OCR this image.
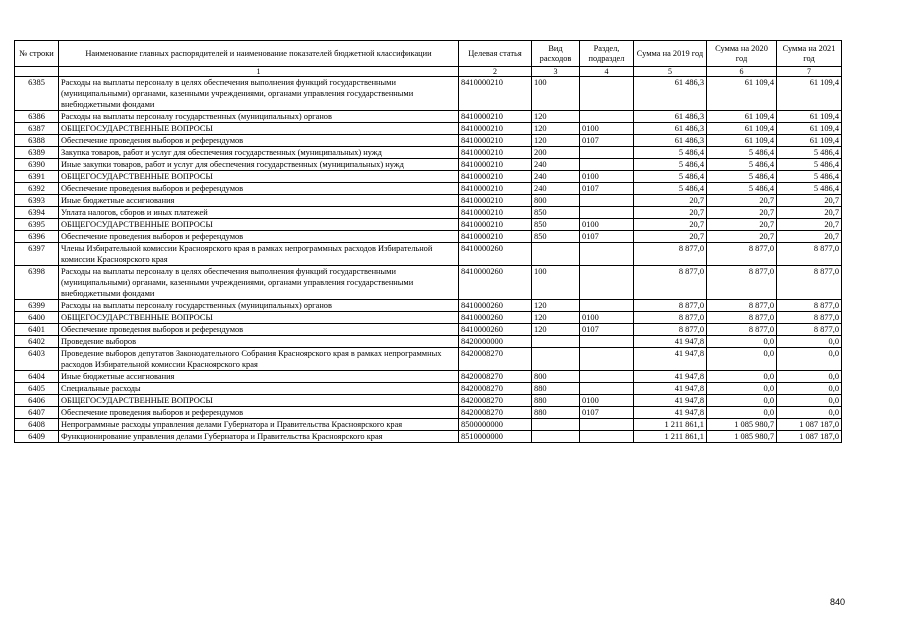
№ строки	Наименование главных распорядителей и наименование показателей бюджетной классификации	Целевая статья	Вид расходов	Раздел, подраздел	Сумма на 2019 год	Сумма на 2020 год	Сумма на 2021 год
	1	2	3	4	5	6	7
6385	Расходы на выплаты персоналу в целях обеспечения выполнения функций государственными (муниципальными) органами, казенными учреждениями, органами управления государственными внебюджетными фондами	8410000210	100		61 486,3	61 109,4	61 109,4
6386	Расходы на выплаты персоналу государственных (муниципальных) органов	8410000210	120		61 486,3	61 109,4	61 109,4
6387	ОБЩЕГОСУДАРСТВЕННЫЕ ВОПРОСЫ	8410000210	120	0100	61 486,3	61 109,4	61 109,4
6388	Обеспечение проведения выборов и референдумов	8410000210	120	0107	61 486,3	61 109,4	61 109,4
6389	Закупка товаров, работ и услуг для обеспечения государственных (муниципальных) нужд	8410000210	200		5 486,4	5 486,4	5 486,4
6390	Иные закупки товаров, работ и услуг для обеспечения государственных (муниципальных) нужд	8410000210	240		5 486,4	5 486,4	5 486,4
6391	ОБЩЕГОСУДАРСТВЕННЫЕ ВОПРОСЫ	8410000210	240	0100	5 486,4	5 486,4	5 486,4
6392	Обеспечение проведения выборов и референдумов	8410000210	240	0107	5 486,4	5 486,4	5 486,4
6393	Иные бюджетные ассигнования	8410000210	800		20,7	20,7	20,7
6394	Уплата налогов, сборов и иных платежей	8410000210	850		20,7	20,7	20,7
6395	ОБЩЕГОСУДАРСТВЕННЫЕ ВОПРОСЫ	8410000210	850	0100	20,7	20,7	20,7
6396	Обеспечение проведения выборов и референдумов	8410000210	850	0107	20,7	20,7	20,7
6397	Члены Избирательной комиссии Красноярского края в рамках непрограммных расходов Избирательной комиссии Красноярского края	8410000260			8 877,0	8 877,0	8 877,0
6398	Расходы на выплаты персоналу в целях обеспечения выполнения функций государственными (муниципальными) органами, казенными учреждениями, органами управления государственными внебюджетными фондами	8410000260	100		8 877,0	8 877,0	8 877,0
6399	Расходы на выплаты персоналу государственных (муниципальных) органов	8410000260	120		8 877,0	8 877,0	8 877,0
6400	ОБЩЕГОСУДАРСТВЕННЫЕ ВОПРОСЫ	8410000260	120	0100	8 877,0	8 877,0	8 877,0
6401	Обеспечение проведения выборов и референдумов	8410000260	120	0107	8 877,0	8 877,0	8 877,0
6402	Проведение выборов	8420000000			41 947,8	0,0	0,0
6403	Проведение выборов депутатов Законодательного Собрания Красноярского края в рамках непрограммных расходов Избирательной комиссии Красноярского края	8420008270			41 947,8	0,0	0,0
6404	Иные бюджетные ассигнования	8420008270	800		41 947,8	0,0	0,0
6405	Специальные расходы	8420008270	880		41 947,8	0,0	0,0
6406	ОБЩЕГОСУДАРСТВЕННЫЕ ВОПРОСЫ	8420008270	880	0100	41 947,8	0,0	0,0
6407	Обеспечение проведения выборов и референдумов	8420008270	880	0107	41 947,8	0,0	0,0
6408	Непрограммные расходы управления делами Губернатора и Правительства Красноярского края	8500000000			1 211 861,1	1 085 980,7	1 087 187,0
6409	Функционирование управления делами Губернатора и Правительства Красноярского края	8510000000			1 211 861,1	1 085 980,7	1 087 187,0
840
